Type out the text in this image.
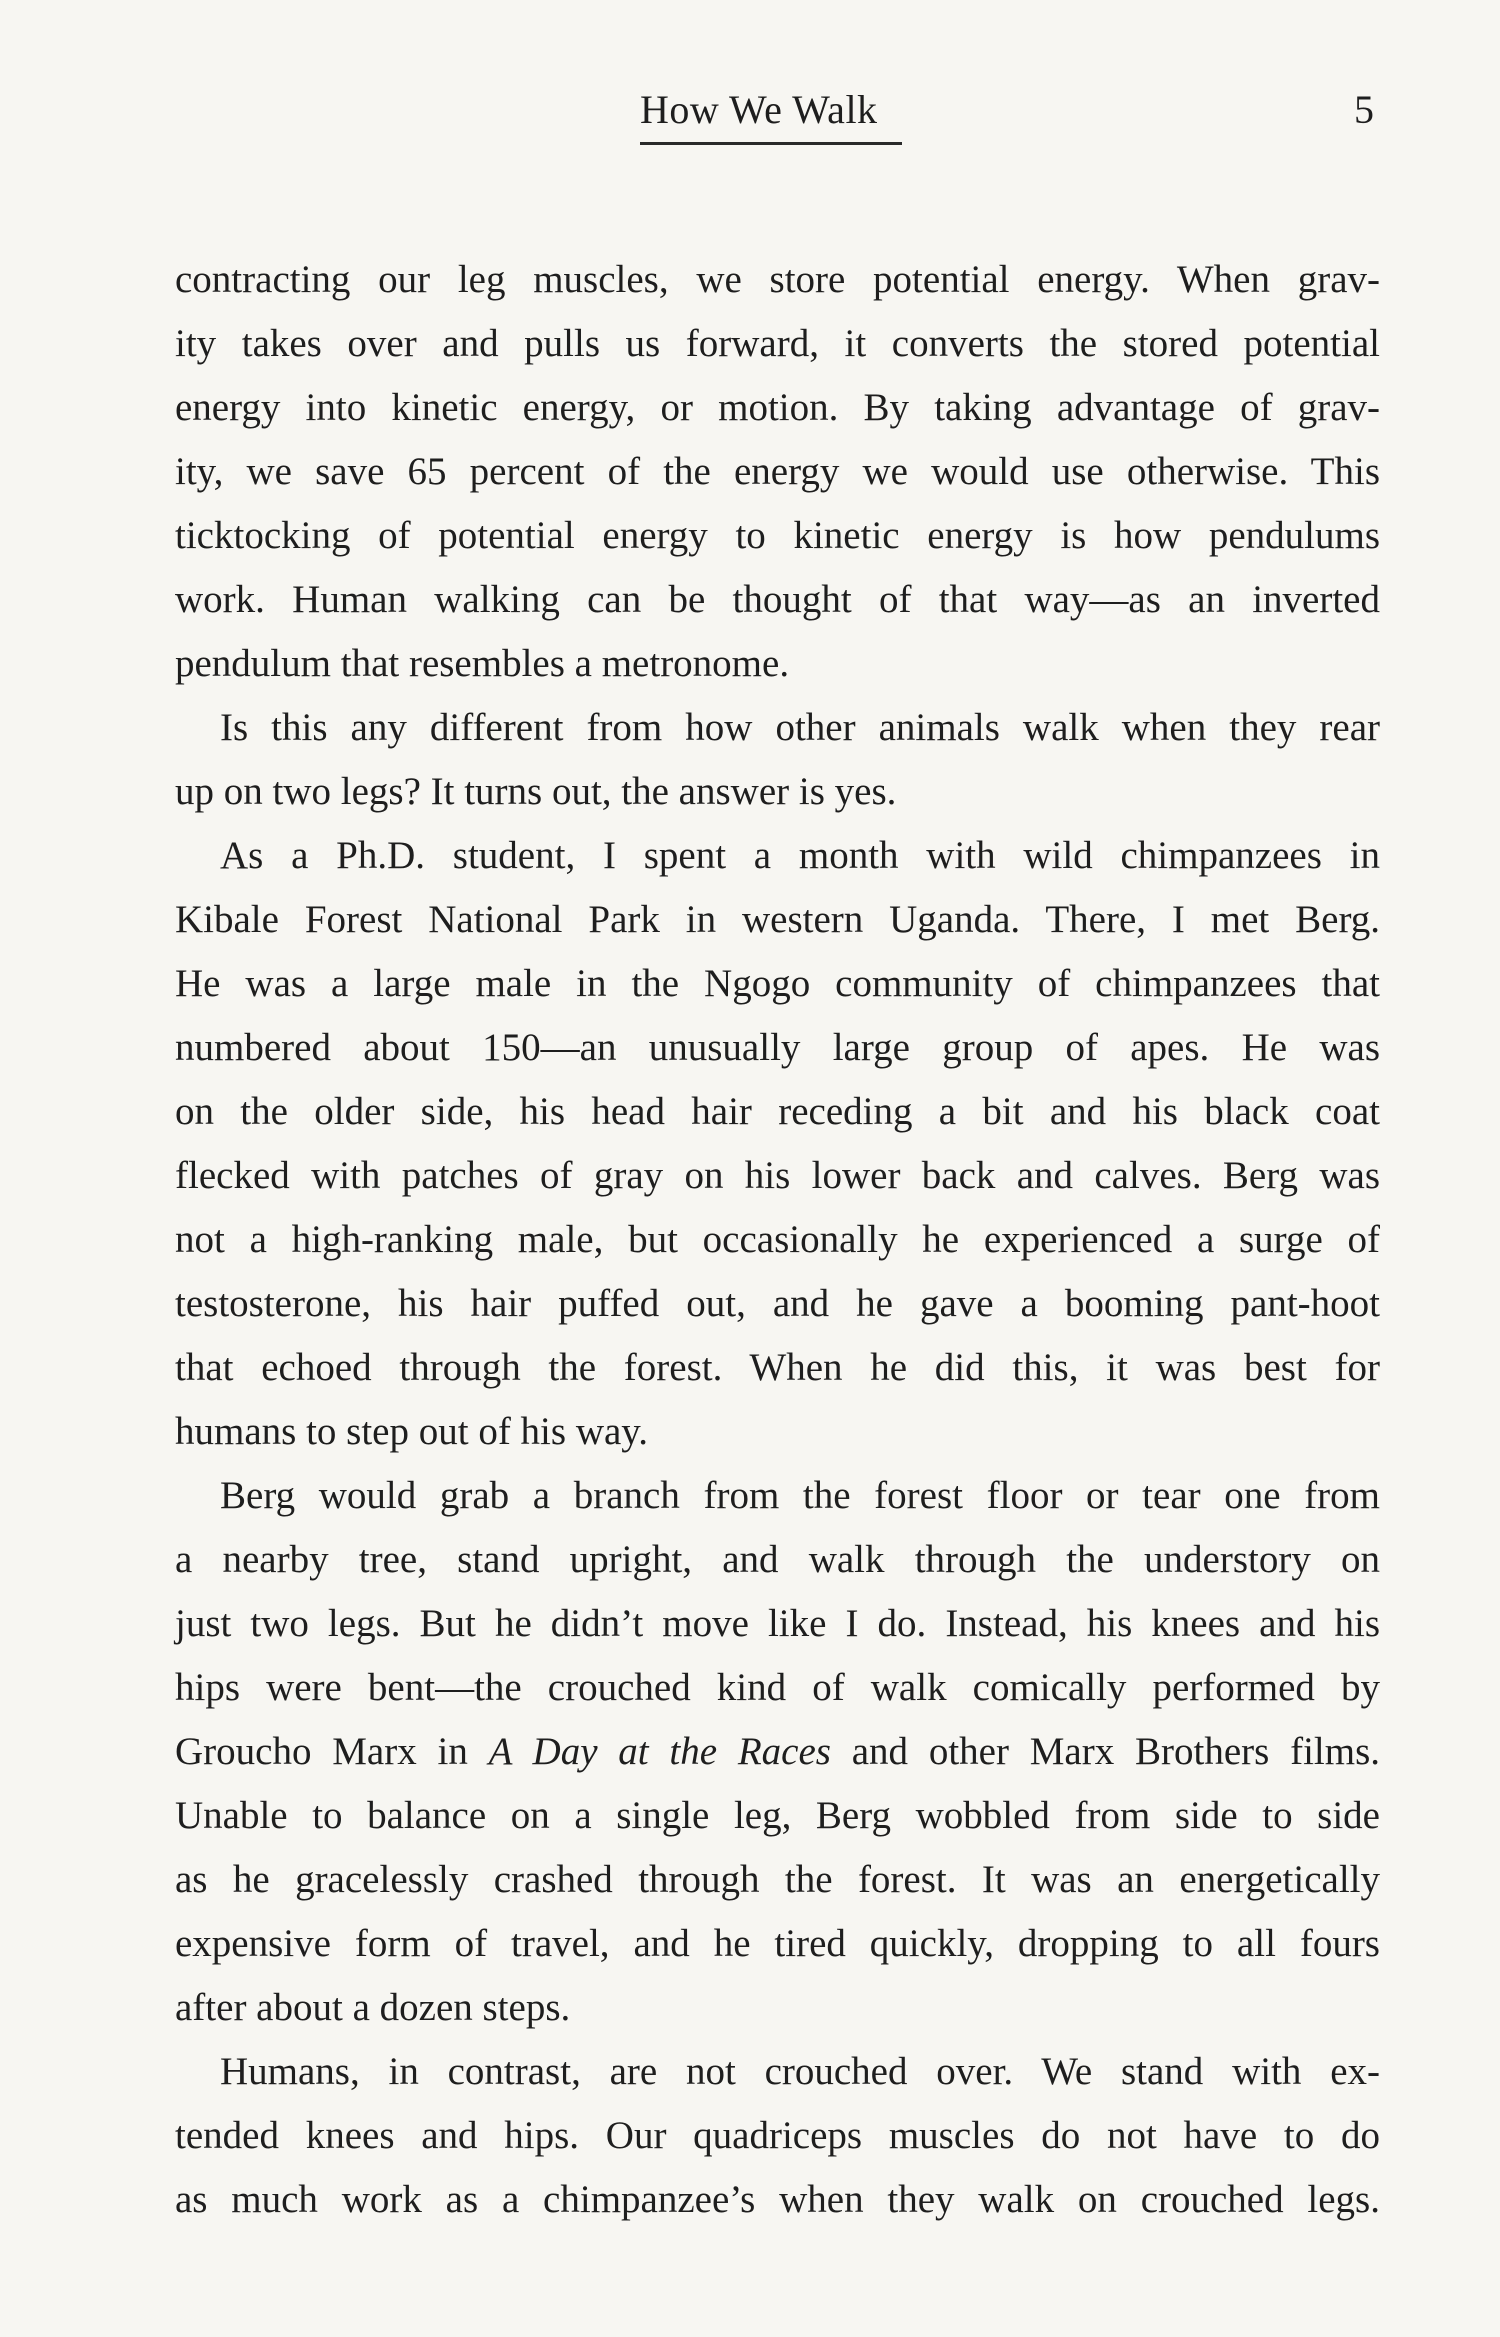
How We Walk	5
contracting our leg muscles, we store potential energy. When grav-
ity takes over and pulls us forward, it converts the stored potential
energy into kinetic energy, or motion. By taking advantage of grav-
ity, we save 65 percent of the energy we would use otherwise. This
ticktocking of potential energy to kinetic energy is how pendulums
work. Human walking can be thought of that way—as an inverted
pendulum that resembles a metronome.
Is this any different from how other animals walk when they rear
up on two legs? It turns out, the answer is yes.
As a Ph.D. student, I spent a month with wild chimpanzees in
Kibale Forest National Park in western Uganda. There, I met Berg.
He was a large male in the Ngogo community of chimpanzees that
numbered about 150—an unusually large group of apes. He was
on the older side, his head hair receding a bit and his black coat
flecked with patches of gray on his lower back and calves. Berg was
not a high-ranking male, but occasionally he experienced a surge of
testosterone, his hair puffed out, and he gave a booming pant-hoot
that echoed through the forest. When he did this, it was best for
humans to step out of his way.
Berg would grab a branch from the forest floor or tear one from
a nearby tree, stand upright, and walk through the understory on
just two legs. But he didn’t move like I do. Instead, his knees and his
hips were bent—the crouched kind of walk comically performed by
Groucho Marx in A Day at the Races and other Marx Brothers films.
Unable to balance on a single leg, Berg wobbled from side to side
as he gracelessly crashed through the forest. It was an energetically
expensive form of travel, and he tired quickly, dropping to all fours
after about a dozen steps.
Humans, in contrast, are not crouched over. We stand with ex-
tended knees and hips. Our quadriceps muscles do not have to do
as much work as a chimpanzee’s when they walk on crouched legs.
